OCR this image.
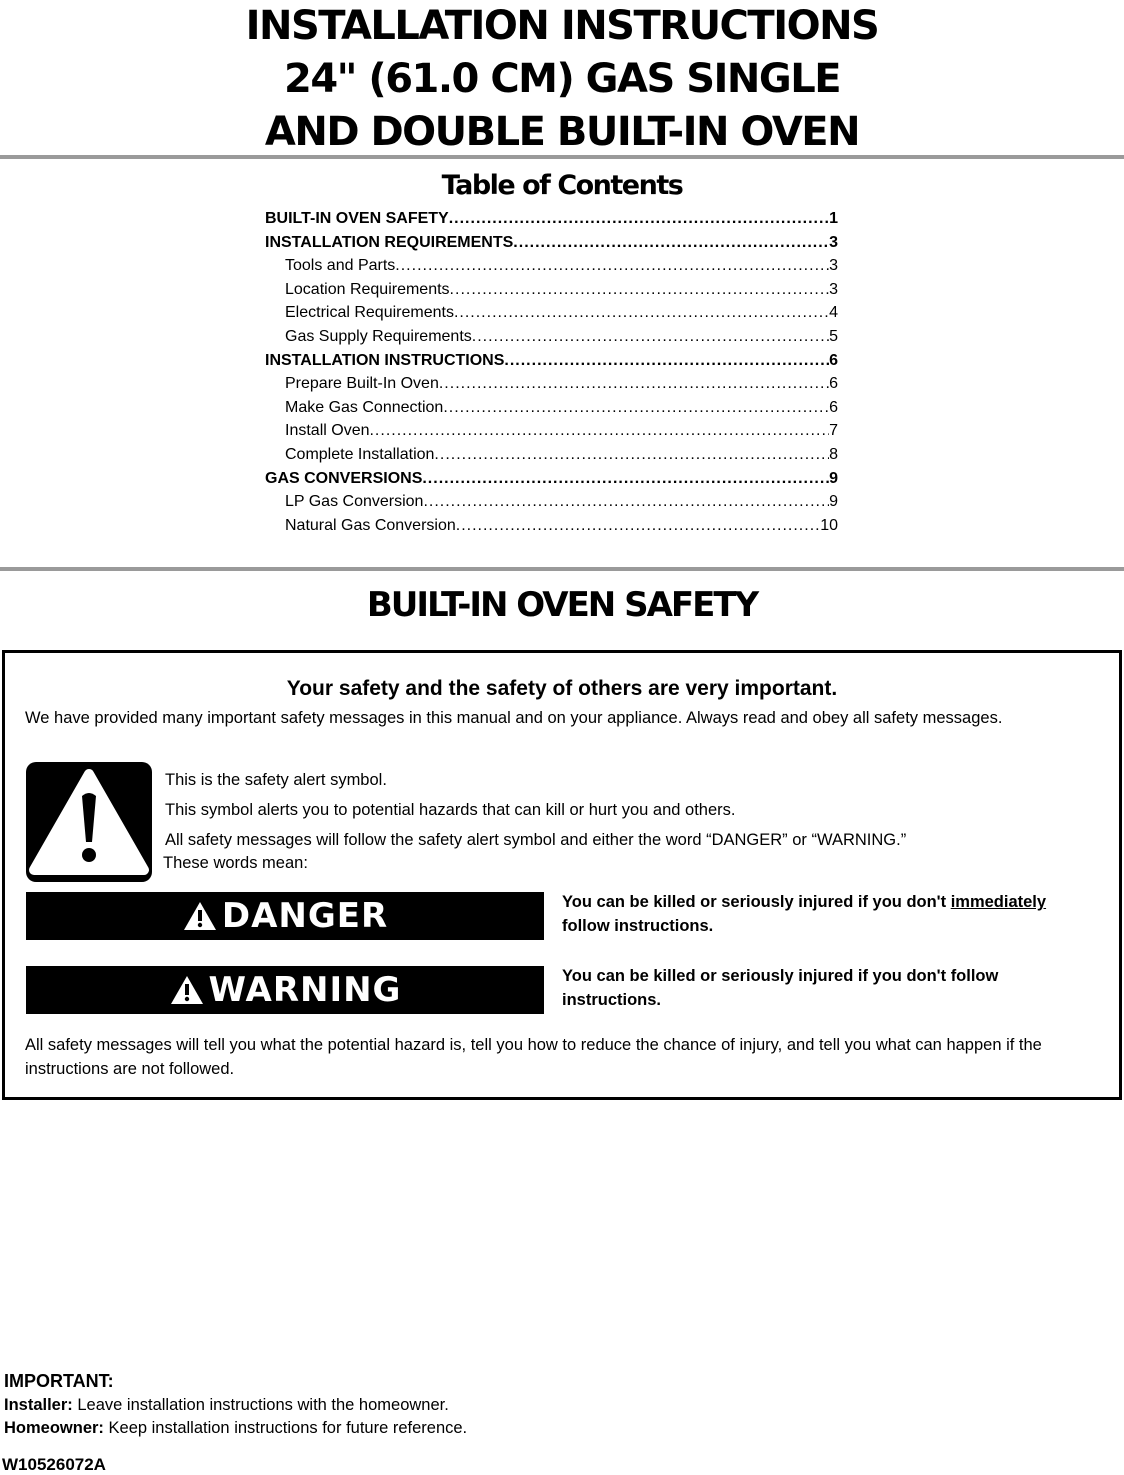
INSTALLATION INSTRUCTIONS
24" (61.0 CM) GAS SINGLE
AND DOUBLE BUILT-IN OVEN
Table of Contents
BUILT-IN OVEN SAFETY .....	1
INSTALLATION REQUIREMENTS .....	3
Tools and Parts .....	3
Location Requirements .....	3
Electrical Requirements .....	4
Gas Supply Requirements .....	5
INSTALLATION INSTRUCTIONS .....	6
Prepare Built-In Oven .....	6
Make Gas Connection .....	6
Install Oven .....	7
Complete Installation .....	8
GAS CONVERSIONS .....	9
LP Gas Conversion .....	9
Natural Gas Conversion .....	10
BUILT-IN OVEN SAFETY
Your safety and the safety of others are very important.
We have provided many important safety messages in this manual and on your appliance. Always read and obey all safety messages.
This is the safety alert symbol.
This symbol alerts you to potential hazards that can kill or hurt you and others.
All safety messages will follow the safety alert symbol and either the word “DANGER” or “WARNING.”
These words mean:
DANGER	You can be killed or seriously injured if you don't immediately
follow instructions.
WARNING	You can be killed or seriously injured if you don't follow
instructions.
All safety messages will tell you what the potential hazard is, tell you how to reduce the chance of injury, and tell you what can happen if the instructions are not followed.
IMPORTANT:
Installer: Leave installation instructions with the homeowner.
Homeowner: Keep installation instructions for future reference.
W10526072A
